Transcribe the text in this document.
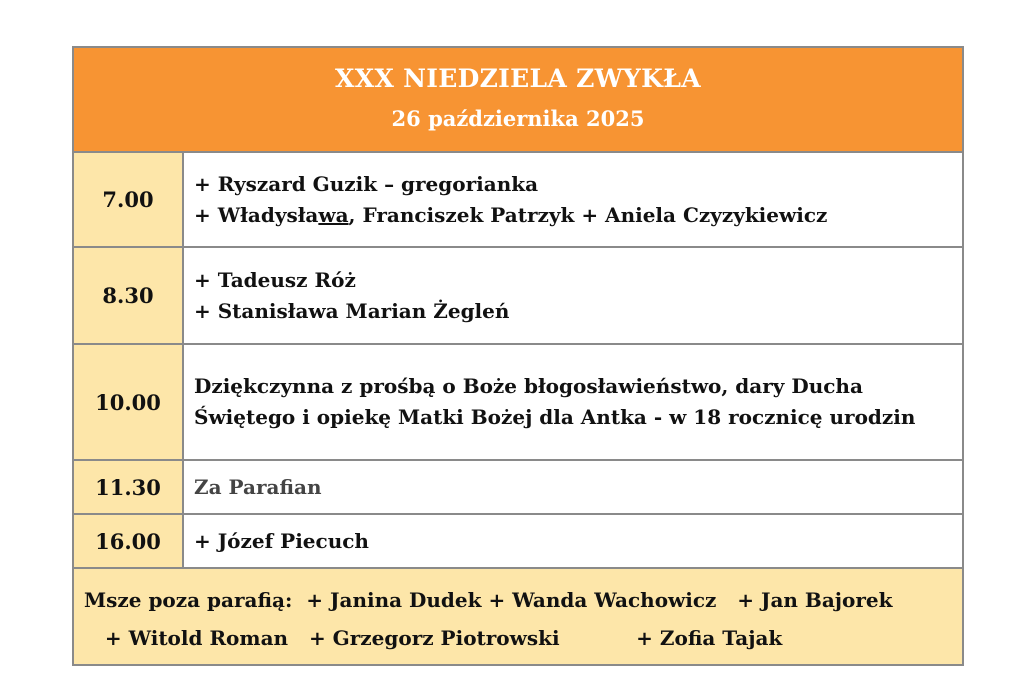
XXX NIEDZIELA ZWYKŁA
26 października 2025
7.00
+ Ryszard Guzik – gregorianka
+ Władysława, Franciszek Patrzyk + Aniela Czyzykiewicz
8.30
+ Tadeusz Róż
+ Stanisława Marian Żegleń
10.00
Dziękczynna z prośbą o Boże błogosławieństwo, dary Ducha Świętego i opiekę Matki Bożej dla Antka - w 18 rocznicę urodzin
11.30	Za Parafian
16.00	+ Józef Piecuch
Msze poza parafią:  + Janina Dudek + Wanda Wachowicz   + Jan Bajorek
+ Witold Roman   + Grzegorz Piotrowski           + Zofia Tajak
